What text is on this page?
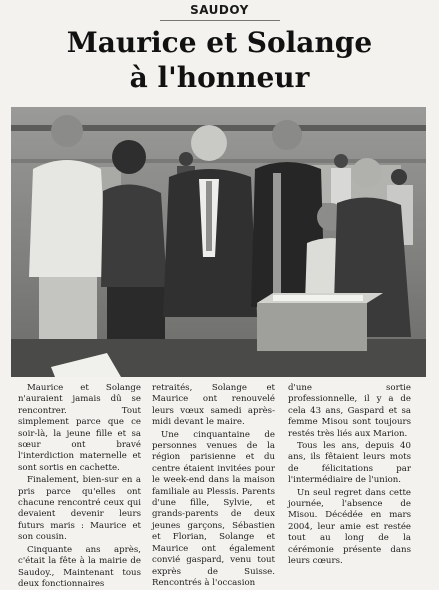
SAUDOY
Maurice et Solange
à l'honneur

Maurice et Solange n'auraient jamais dû se rencontrer. Tout simplement parce que ce soir-là, la jeune fille et sa sœur ont bravé l'interdiction maternelle et sont sortis en cachette.

Finalement, bien-sur en a pris parce qu'elles ont chacune rencontré ceux qui devaient devenir leurs futurs maris : Maurice et son cousin.

Cinquante ans après, c'était la fête à la mairie de Saudoy., Maintenant tous deux fonctionnaires

retraités, Solange et Maurice ont renouvelé leurs vœux samedi après-midi devant le maire.

Une cinquantaine de personnes venues de la région parisienne et du centre étaient invitées pour le week-end dans la maison familiale au Plessis. Parents d'une fille, Sylvie, et grands-parents de deux jeunes garçons, Sébastien et Florian, Solange et Maurice ont également convié gaspard, venu tout exprès de Suisse. Rencontrés à l'occasion

d'une sortie professionnelle, il y a de cela 43 ans, Gaspard et sa femme Misou sont toujours restés très liés aux Marion.

Tous les ans, depuis 40 ans, ils fêtaient leurs mots de félicitations par l'intermédiaire de l'union.

Un seul regret dans cette journée, l'absence de Misou. Décédée en mars 2004, leur amie est restée tout au long de la cérémonie présente dans leurs cœurs.
